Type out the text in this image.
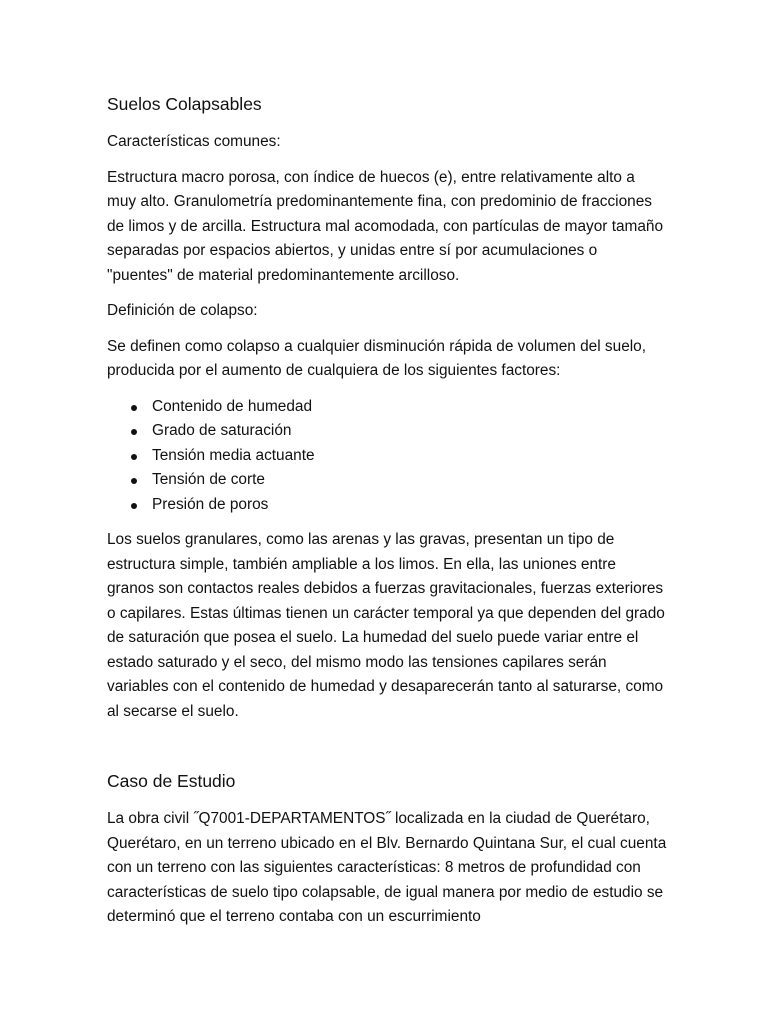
Suelos Colapsables

Características comunes:

Estructura macro porosa, con índice de huecos (e), entre relativamente alto a muy alto. Granulometría predominantemente fina, con predominio de fracciones de limos y de arcilla. Estructura mal acomodada, con partículas de mayor tamaño separadas por espacios abiertos, y unidas entre sí por acumulaciones o "puentes" de material predominantemente arcilloso.

Definición de colapso:

Se definen como colapso a cualquier disminución rápida de volumen del suelo, producida por el aumento de cualquiera de los siguientes factores:

Contenido de humedad
Grado de saturación
Tensión media actuante
Tensión de corte
Presión de poros

Los suelos granulares, como las arenas y las gravas, presentan un tipo de estructura simple, también ampliable a los limos. En ella, las uniones entre granos son contactos reales debidos a fuerzas gravitacionales, fuerzas exteriores o capilares. Estas últimas tienen un carácter temporal ya que dependen del grado de saturación que posea el suelo. La humedad del suelo puede variar entre el estado saturado y el seco, del mismo modo las tensiones capilares serán variables con el contenido de humedad y desaparecerán tanto al saturarse, como al secarse el suelo.

Caso de Estudio

La obra civil ˝Q7001-DEPARTAMENTOS˝ localizada en la ciudad de Querétaro, Querétaro, en un terreno ubicado en el Blv. Bernardo Quintana Sur, el cual cuenta con un terreno con las siguientes características: 8 metros de profundidad con características de suelo tipo colapsable, de igual manera por medio de estudio se determinó que el terreno contaba con un escurrimiento
